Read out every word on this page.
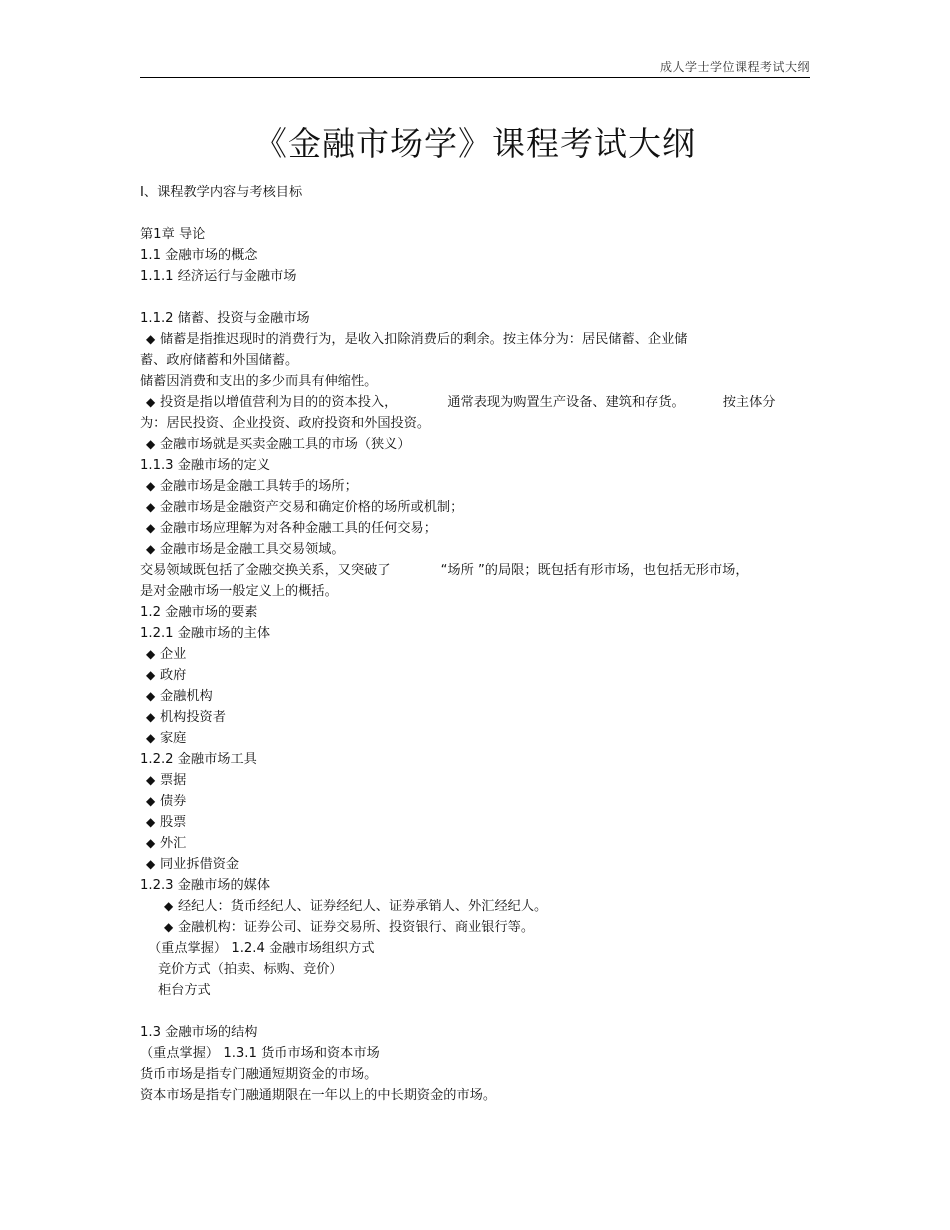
成人学士学位课程考试大纲
《金融市场学》课程考试大纲
I、课程教学内容与考核目标
第1章 导论
1.1 金融市场的概念
1.1.1 经济运行与金融市场
1.1.2 储蓄、投资与金融市场
◆ 储蓄是指推迟现时的消费行为，是收入扣除消费后的剩余。按主体分为：居民储蓄、企业储
蓄、政府储蓄和外国储蓄。
储蓄因消费和支出的多少而具有伸缩性。
◆ 投资是指以增值营利为目的的资本投入，	通常表现为购置生产设备、建筑和存货。	按主体分
为：居民投资、企业投资、政府投资和外国投资。
◆ 金融市场就是买卖金融工具的市场（狭义）
1.1.3 金融市场的定义
◆ 金融市场是金融工具转手的场所；
◆ 金融市场是金融资产交易和确定价格的场所或机制；
◆ 金融市场应理解为对各种金融工具的任何交易；
◆ 金融市场是金融工具交易领域。
交易领域既包括了金融交换关系，又突破了	“场所 ”的局限；既包括有形市场，也包括无形市场，
是对金融市场一般定义上的概括。
1.2 金融市场的要素
1.2.1 金融市场的主体
◆ 企业
◆ 政府
◆ 金融机构
◆ 机构投资者
◆ 家庭
1.2.2 金融市场工具
◆ 票据
◆ 债券
◆ 股票
◆ 外汇
◆ 同业拆借资金
1.2.3 金融市场的媒体
◆ 经纪人：货币经纪人、证券经纪人、证券承销人、外汇经纪人。
◆ 金融机构：证券公司、证券交易所、投资银行、商业银行等。
（重点掌握） 1.2.4 金融市场组织方式
竞价方式（拍卖、标购、竞价）
柜台方式
1.3 金融市场的结构
（重点掌握） 1.3.1 货币市场和资本市场
货币市场是指专门融通短期资金的市场。
资本市场是指专门融通期限在一年以上的中长期资金的市场。
